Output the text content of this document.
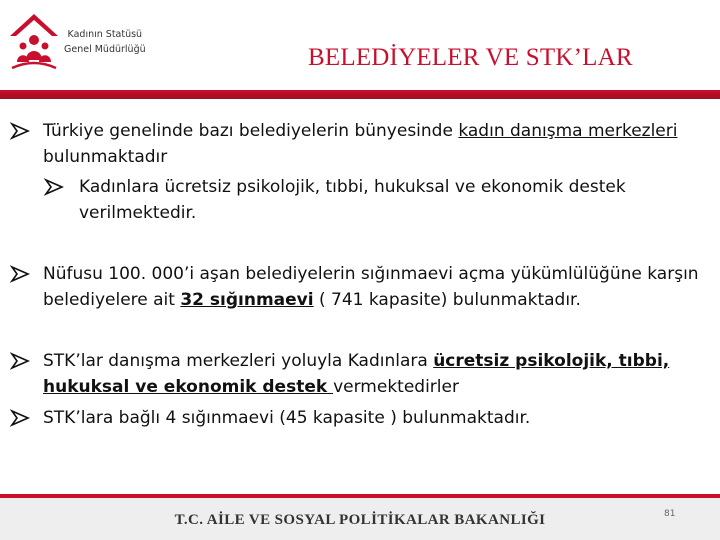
Kadının Statüsü
Genel Müdürlüğü	BELEDİYELER VE STK’LAR
Türkiye genelinde bazı belediyelerin bünyesinde kadın danışma merkezleri bulunmaktadır
Kadınlara ücretsiz psikolojik, tıbbi, hukuksal ve ekonomik destek verilmektedir.
Nüfusu 100. 000’i aşan belediyelerin sığınmaevi açma yükümlülüğüne karşın belediyelere ait 32 sığınmaevi ( 741 kapasite) bulunmaktadır.
STK’lar danışma merkezleri yoluyla Kadınlara ücretsiz psikolojik, tıbbi, hukuksal ve ekonomik destek vermektedirler
STK’lara bağlı 4 sığınmaevi (45 kapasite ) bulunmaktadır.
T.C. AİLE VE SOSYAL POLİTİKALAR BAKANLIĞI	81
